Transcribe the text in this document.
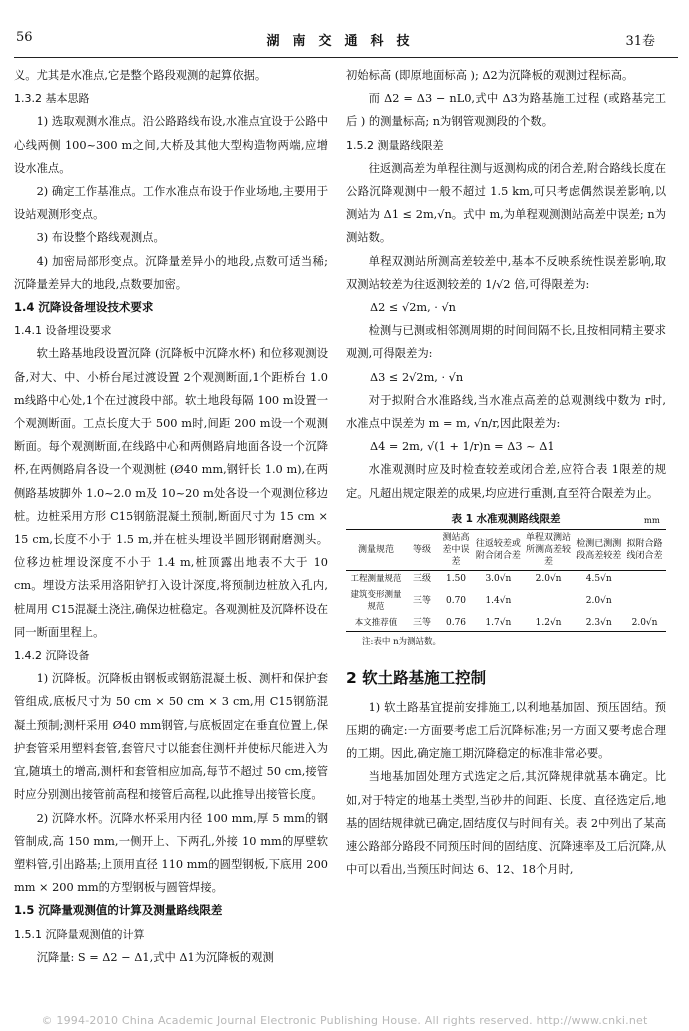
56	湖南交通科技	31卷

义。尤其是水准点,它是整个路段观测的起算依据。

1.3.2 基本思路

1) 选取观测水准点。沿公路路线布设,水准点宜设于公路中心线两侧 100~300 m之间,大桥及其他大型构造物两端,应增设水准点。

2) 确定工作基准点。工作水准点布设于作业场地,主要用于设站观测形变点。

3) 布设整个路线观测点。

4) 加密局部形变点。沉降量差异小的地段,点数可适当稀;沉降量差异大的地段,点数要加密。

1.4 沉降设备埋设技术要求

1.4.1 设备埋设要求

软土路基地段设置沉降 (沉降板中沉降水杯) 和位移观测设备,对大、中、小桥台尾过渡设置 2个观测断面,1个距桥台 1.0 m线路中心处,1个在过渡段中部。软土地段每隔 100 m设置一个观测断面。工点长度大于 500 m时,间距 200 m设一个观测断面。每个观测断面,在线路中心和两侧路肩地面各设一个沉降杯,在两侧路肩各设一个观测桩 (Ø40 mm,钢钎长 1.0 m),在两侧路基坡脚外 1.0~2.0 m及 10~20 m处各设一个观测位移边桩。边桩采用方形 C15钢筋混凝土预制,断面尺寸为 15 cm × 15 cm,长度不小于 1.5 m,并在桩头埋设半圆形钢耐磨测头。位移边桩埋设深度不小于 1.4 m,桩顶露出地表不大于 10 cm。埋设方法采用洛阳铲打入设计深度,将预制边桩放入孔内,桩周用 C15混凝土浇注,确保边桩稳定。各观测桩及沉降杯设在同一断面里程上。

1.4.2 沉降设备

1) 沉降板。沉降板由钢板或钢筋混凝土板、测杆和保护套管组成,底板尺寸为 50 cm × 50 cm × 3 cm,用 C15钢筋混凝土预制;测杆采用 Ø40 mm钢管,与底板固定在垂直位置上,保护套管采用塑料套管,套管尺寸以能套住测杆并使标尺能进入为宜,随填土的增高,测杆和套管相应加高,每节不超过 50 cm,接管时应分别测出接管前高程和接管后高程,以此推导出接管长度。

2) 沉降水杯。沉降水杯采用内径 100 mm,厚 5 mm的钢管制成,高 150 mm,一侧开上、下两孔,外接 10 mm的厚壁软塑料管,引出路基;上顶用直径 110 mm的圆型钢板,下底用 200 mm × 200 mm的方型钢板与圆管焊接。

1.5 沉降量观测值的计算及测量路线限差

1.5.1 沉降量观测值的计算

沉降量: S = Δ2 − Δ1,式中 Δ1为沉降板的观测

初始标高 (即原地面标高 ); Δ2为沉降板的观测过程标高。

而 Δ2 = Δ3 − nL0,式中 Δ3为路基施工过程 (或路基完工后 ) 的测量标高; n为钢管观测段的个数。

1.5.2 测量路线限差

往返测高差为单程往测与返测构成的闭合差,附合路线长度在公路沉降观测中一般不超过 1.5 km,可只考虑偶然误差影响,以测站为 Δ1 ≤ 2m,√n。式中 m,为单程观测测站高差中误差; n为测站数。

单程双测站所测高差较差中,基本不反映系统性误差影响,取双测站较差为往返测较差的 1/√2 倍,可得限差为:

Δ2 ≤ √2m, · √n

检测与已测或相邻测周期的时间间隔不长,且按相同精主要求观测,可得限差为:

Δ3 ≤ 2√2m, · √n

对于拟附合水准路线,当水准点高差的总观测线中数为 r时,水准点中误差为 m = m, √n/r,因此限差为:

Δ4 = 2m, √(1 + 1/r)n = Δ3 ~ Δ1

水准观测时应及时检查较差或闭合差,应符合表 1限差的规定。凡超出规定限差的成果,均应进行重测,直至符合限差为止。

表 1 水准观测路线限差	mm
测量规范	等级	测站高差中误差	往返较差或附合闭合差	单程双测站所测高差较差	检测已测测段高差较差	拟附合路线闭合差
工程测量规范	三级	1.50	3.0√n	2.0√n	4.5√n	
建筑变形测量规范	三等	0.70	1.4√n		2.0√n	
本文推荐值	三等	0.76	1.7√n	1.2√n	2.3√n	2.0√n
注:表中 n为测站数。
2 软土路基施工控制

1) 软土路基宜提前安排施工,以利地基加固、预压固结。预压期的确定:一方面要考虑工后沉降标准;另一方面又要考虑合理的工期。因此,确定施工期沉降稳定的标准非常必要。

当地基加固处理方式选定之后,其沉降规律就基本确定。比如,对于特定的地基土类型,当砂井的间距、长度、直径选定后,地基的固结规律就已确定,固结度仅与时间有关。表 2中列出了某高速公路部分路段不同预压时间的固结度、沉降速率及工后沉降,从中可以看出,当预压时间达 6、12、18个月时,

© 1994-2010 China Academic Journal Electronic Publishing House. All rights reserved. http://www.cnki.net
